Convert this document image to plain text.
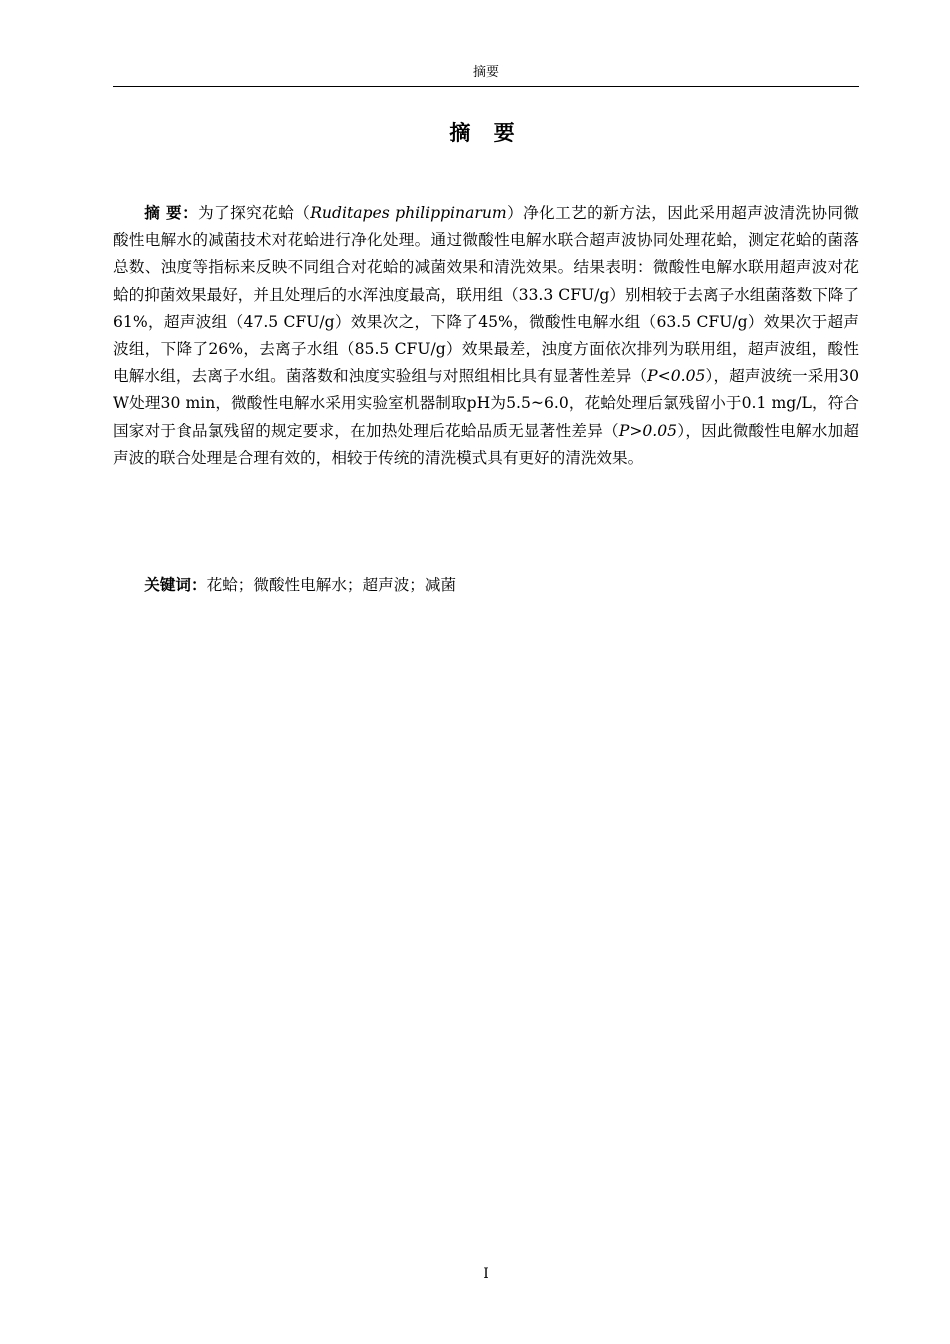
摘要
摘 要

摘 要：为了探究花蛤（Ruditapes philippinarum）净化工艺的新方法，因此采用超声波清洗协同微酸性电解水的减菌技术对花蛤进行净化处理。通过微酸性电解水联合超声波协同处理花蛤，测定花蛤的菌落总数、浊度等指标来反映不同组合对花蛤的减菌效果和清洗效果。结果表明：微酸性电解水联用超声波对花蛤的抑菌效果最好，并且处理后的水浑浊度最高，联用组（33.3 CFU/g）别相较于去离子水组菌落数下降了61%，超声波组（47.5 CFU/g）效果次之，下降了45%，微酸性电解水组（63.5 CFU/g）效果次于超声波组，下降了26%，去离子水组（85.5 CFU/g）效果最差，浊度方面依次排列为联用组，超声波组，酸性电解水组，去离子水组。菌落数和浊度实验组与对照组相比具有显著性差异（P<0.05），超声波统一采用30 W处理30 min，微酸性电解水采用实验室机器制取pH为5.5~6.0，花蛤处理后氯残留小于0.1 mg/L，符合国家对于食品氯残留的规定要求，在加热处理后花蛤品质无显著性差异（P>0.05），因此微酸性电解水加超声波的联合处理是合理有效的，相较于传统的清洗模式具有更好的清洗效果。

关键词：花蛤；微酸性电解水；超声波；减菌

I
